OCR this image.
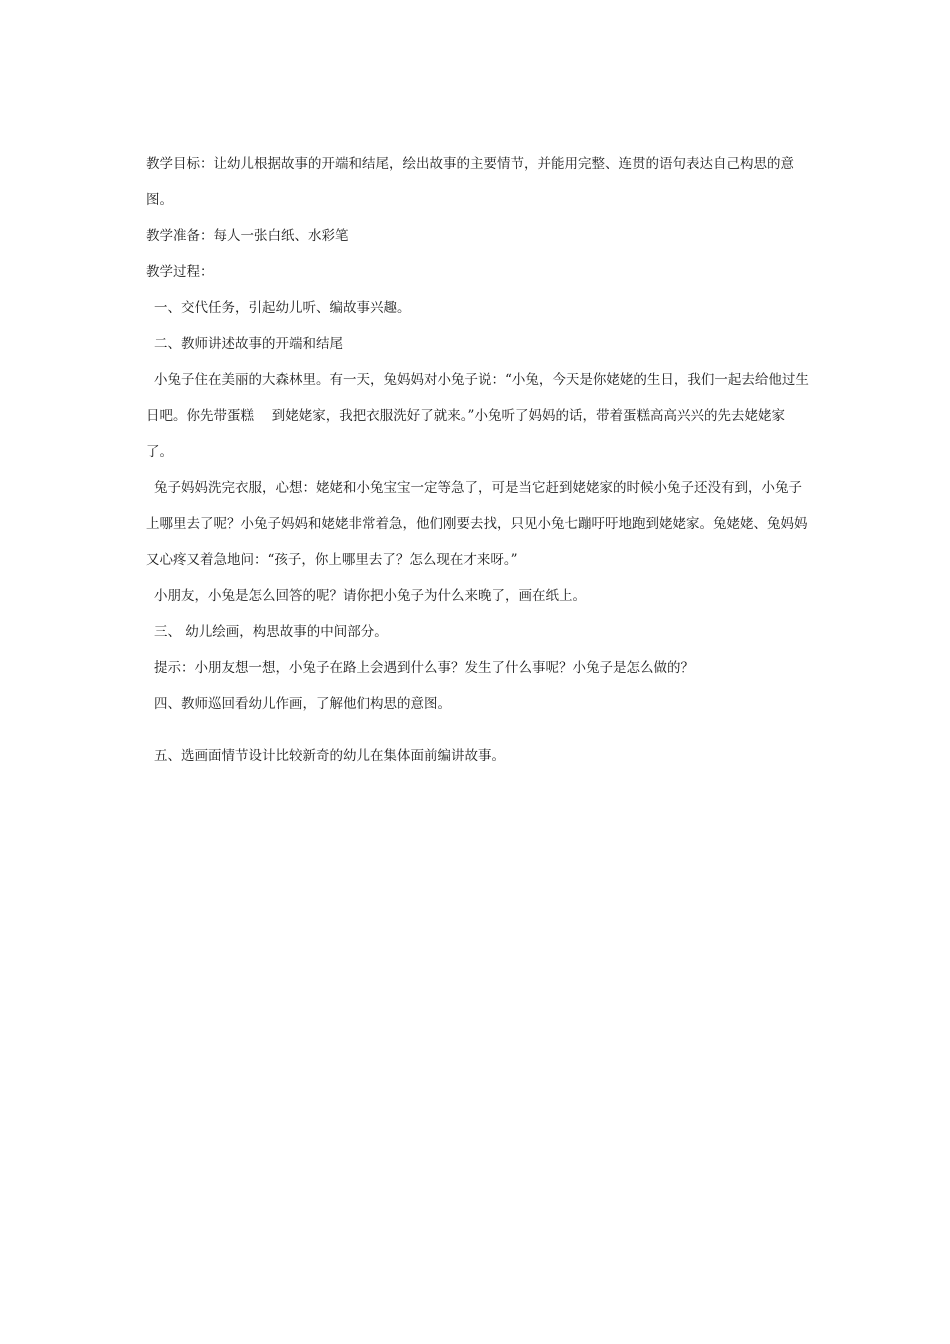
教学目标：让幼儿根据故事的开端和结尾，绘出故事的主要情节，并能用完整、连贯的语句表达自己构思的意图。

教学准备：每人一张白纸、水彩笔

教学过程：

一、交代任务，引起幼儿听、编故事兴趣。

二、教师讲述故事的开端和结尾

小兔子住在美丽的大森林里。有一天，兔妈妈对小兔子说：“小兔，今天是你姥姥的生日，我们一起去给他过生日吧。你先带蛋糕　 到姥姥家，我把衣服洗好了就来。”小兔听了妈妈的话，带着蛋糕高高兴兴的先去姥姥家了。

兔子妈妈洗完衣服，心想：姥姥和小兔宝宝一定等急了，可是当它赶到姥姥家的时候小兔子还没有到，小兔子上哪里去了呢？小兔子妈妈和姥姥非常着急，他们刚要去找，只见小兔七蹦吁吁地跑到姥姥家。兔姥姥、兔妈妈又心疼又着急地问：“孩子，你上哪里去了？怎么现在才来呀。”

小朋友，小兔是怎么回答的呢？请你把小兔子为什么来晚了，画在纸上。

三、 幼儿绘画，构思故事的中间部分。

提示：小朋友想一想，小兔子在路上会遇到什么事？发生了什么事呢？小兔子是怎么做的？

四、教师巡回看幼儿作画，了解他们构思的意图。

五、选画面情节设计比较新奇的幼儿在集体面前编讲故事。
